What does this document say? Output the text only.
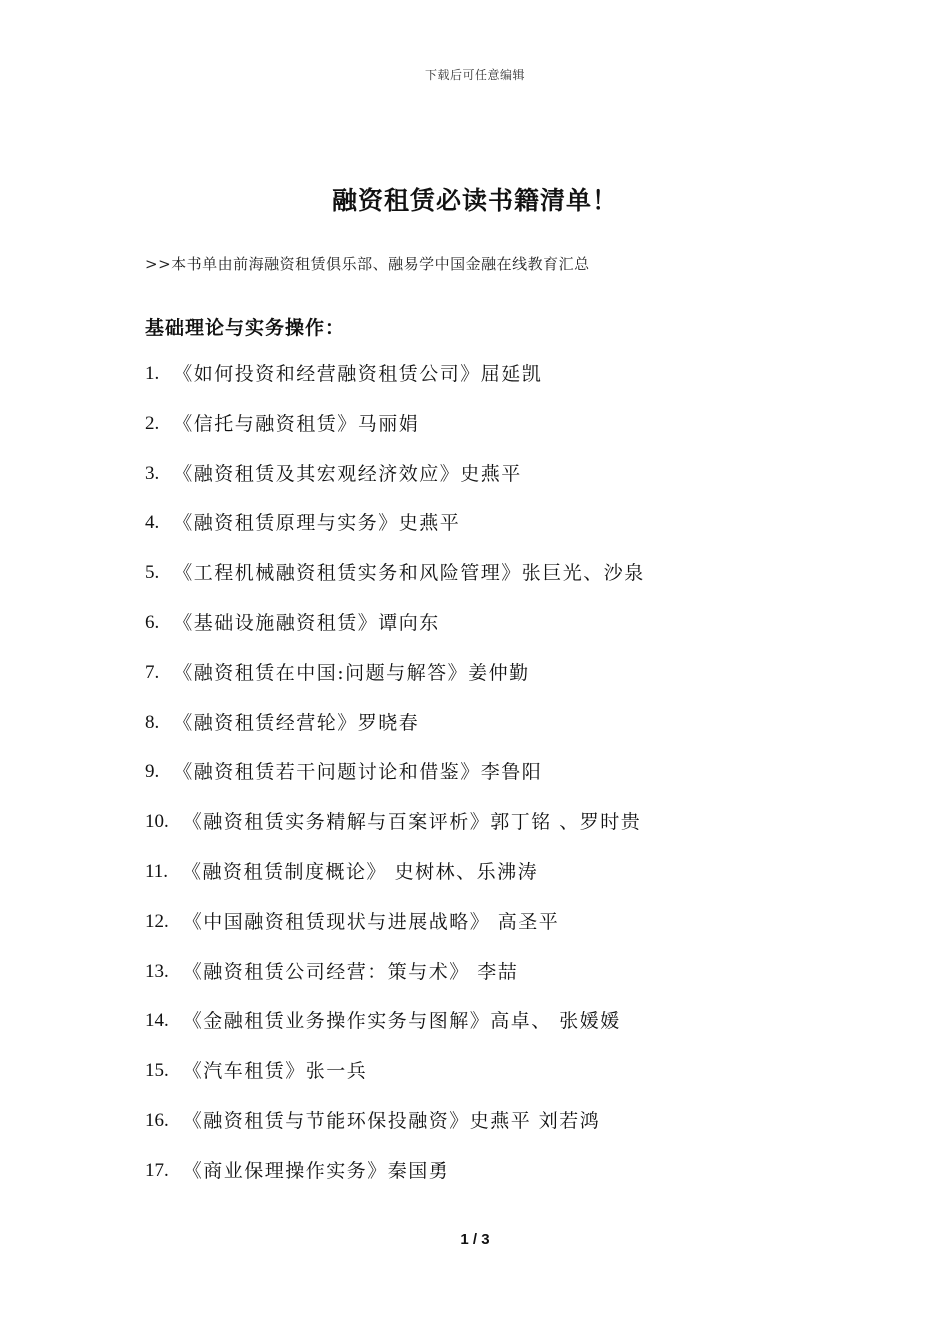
下载后可任意编辑
融资租赁必读书籍清单！
>>本书单由前海融资租赁俱乐部、融易学中国金融在线教育汇总
基础理论与实务操作：
1. 《如何投资和经营融资租赁公司》屈延凯
2. 《信托与融资租赁》马丽娟
3. 《融资租赁及其宏观经济效应》史燕平
4. 《融资租赁原理与实务》史燕平
5. 《工程机械融资租赁实务和风险管理》张巨光、沙泉
6. 《基础设施融资租赁》谭向东
7. 《融资租赁在中国:问题与解答》姜仲勤
8. 《融资租赁经营轮》罗晓春
9. 《融资租赁若干问题讨论和借鉴》李鲁阳
10. 《融资租赁实务精解与百案评析》郭丁铭 、罗时贵
11. 《融资租赁制度概论》 史树林、乐沸涛
12. 《中国融资租赁现状与进展战略》 高圣平
13. 《融资租赁公司经营：策与术》 李喆
14. 《金融租赁业务操作实务与图解》高卓、 张媛媛
15. 《汽车租赁》张一兵
16. 《融资租赁与节能环保投融资》史燕平 刘若鸿
17. 《商业保理操作实务》秦国勇
1 / 3
